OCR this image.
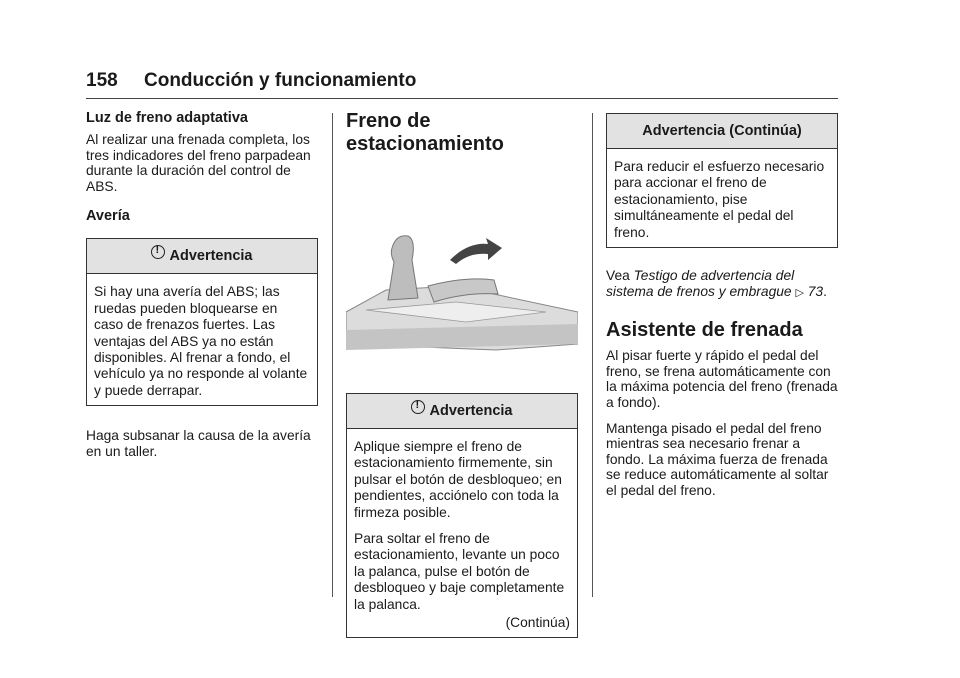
158 Conducción y funcionamiento
Luz de freno adaptativa

Al realizar una frenada completa, los tres indicadores del freno parpadean durante la duración del control de ABS.

Avería
!
Advertencia

Si hay una avería del ABS; las ruedas pueden bloquearse en caso de frenazos fuertes. Las ventajas del ABS ya no están disponibles. Al frenar a fondo, el vehículo ya no responde al volante y puede derrapar.

Haga subsanar la causa de la avería en un taller.

Freno de estacionamiento
!
Advertencia

Aplique siempre el freno de estacionamiento firmemente, sin pulsar el botón de desbloqueo; en pendientes, acciónelo con toda la firmeza posible.

Para soltar el freno de estacionamiento, levante un poco la palanca, pulse el botón de desbloqueo y baje completamente la palanca.

(Continúa)

Advertencia (Continúa)

Para reducir el esfuerzo necesario para accionar el freno de estacionamiento, pise simultáneamente el pedal del freno.

Vea Testigo de advertencia del sistema de frenos y embrague ▷ 73.

Asistente de frenada

Al pisar fuerte y rápido el pedal del freno, se frena automáticamente con la máxima potencia del freno (frenada a fondo).

Mantenga pisado el pedal del freno mientras sea necesario frenar a fondo. La máxima fuerza de frenada se reduce automáticamente al soltar el pedal del freno.
